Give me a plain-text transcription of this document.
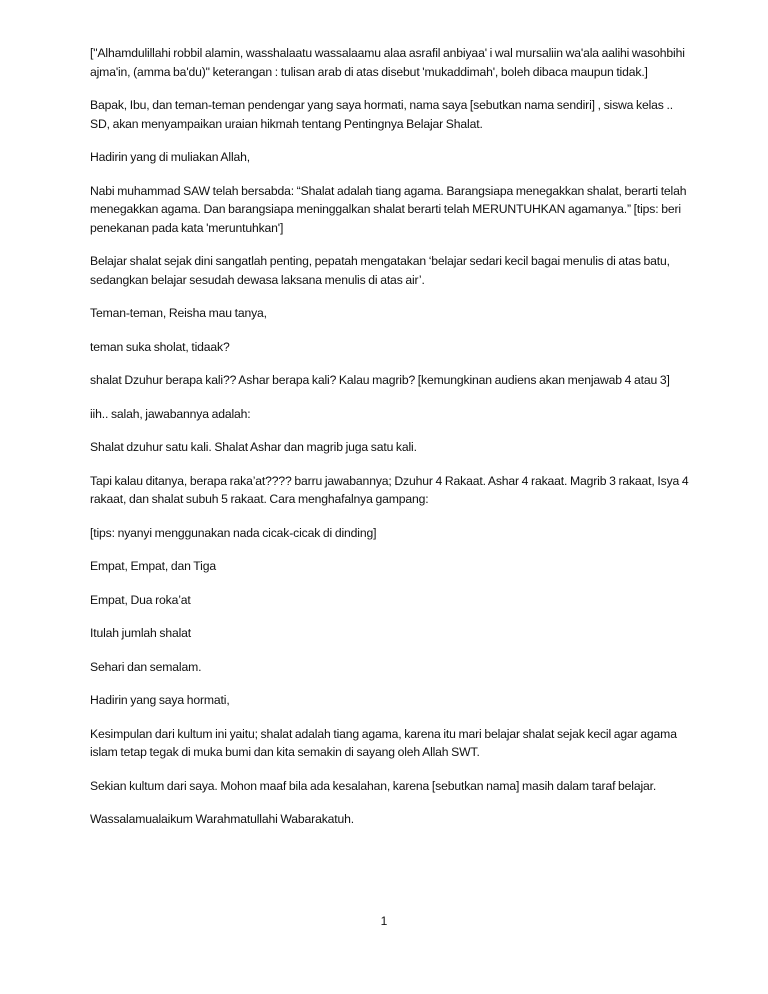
["Alhamdulillahi robbil alamin, wasshalaatu wassalaamu alaa asrafil anbiyaa' i wal mursaliin wa'ala aalihi wasohbihi ajma'in, (amma ba'du)" keterangan : tulisan arab di atas disebut 'mukaddimah', boleh dibaca maupun tidak.]

Bapak, Ibu, dan teman-teman pendengar yang saya hormati, nama saya [sebutkan nama sendiri] , siswa kelas .. SD, akan menyampaikan uraian hikmah tentang Pentingnya Belajar Shalat.

Hadirin yang di muliakan Allah,

Nabi muhammad SAW telah bersabda: “Shalat adalah tiang agama. Barangsiapa menegakkan shalat, berarti telah menegakkan agama. Dan barangsiapa meninggalkan shalat berarti telah MERUNTUHKAN agamanya.” [tips: beri penekanan pada kata 'meruntuhkan']

Belajar shalat sejak dini sangatlah penting, pepatah mengatakan ‘belajar sedari kecil bagai menulis di atas batu, sedangkan belajar sesudah dewasa laksana menulis di atas air’.

Teman-teman, Reisha mau tanya,

teman suka sholat, tidaak?

shalat Dzuhur berapa kali?? Ashar berapa kali? Kalau magrib? [kemungkinan audiens akan menjawab 4 atau 3]

iih.. salah, jawabannya adalah:

Shalat dzuhur satu kali. Shalat Ashar dan magrib juga satu kali.

Tapi kalau ditanya, berapa raka’at???? barru jawabannya; Dzuhur 4 Rakaat. Ashar 4 rakaat. Magrib 3 rakaat, Isya 4 rakaat, dan shalat subuh 5 rakaat. Cara menghafalnya gampang:

[tips: nyanyi menggunakan nada cicak-cicak di dinding]

Empat, Empat, dan Tiga

Empat, Dua roka’at

Itulah jumlah shalat

Sehari dan semalam.

Hadirin yang saya hormati,

Kesimpulan dari kultum ini yaitu; shalat adalah tiang agama, karena itu mari belajar shalat sejak kecil agar agama islam tetap tegak di muka bumi dan kita semakin di sayang oleh Allah SWT.

Sekian kultum dari saya. Mohon maaf bila ada kesalahan, karena [sebutkan nama] masih dalam taraf belajar.

Wassalamualaikum Warahmatullahi Wabarakatuh.

1
